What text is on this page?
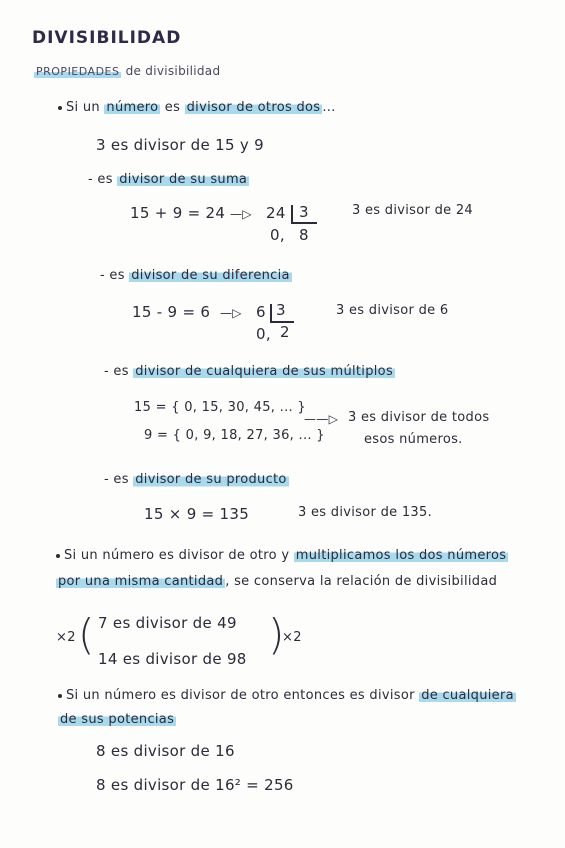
DIVISIBILIDAD
PROPIEDADES de divisibilidad
Si un número es divisor de otros dos ...
3 es divisor de 15 y 9
- es divisor de su suma
15 + 9 = 24 —▷ 24 3
0, 8
3 es divisor de 24
- es divisor de su diferencia
15 - 9 = 6 —▷ 6 3
0, 2
3 es divisor de 6
- es divisor de cualquiera de sus múltiplos
15 = { 0, 15, 30, 45, ... }
9 = { 0, 9, 18, 27, 36, ... }
——▷ 3 es divisor de todos
esos números.
- es divisor de su producto
15 × 9 = 135	3 es divisor de 135.
Si un número es divisor de otro y multiplicamos los dos números
por una misma cantidad , se conserva la relación de divisibilidad
×2 ( 7 es divisor de 49
14 es divisor de 98 )
×2
Si un número es divisor de otro entonces es divisor de cualquiera
de sus potencias
8 es divisor de 16
8 es divisor de 16² = 256
